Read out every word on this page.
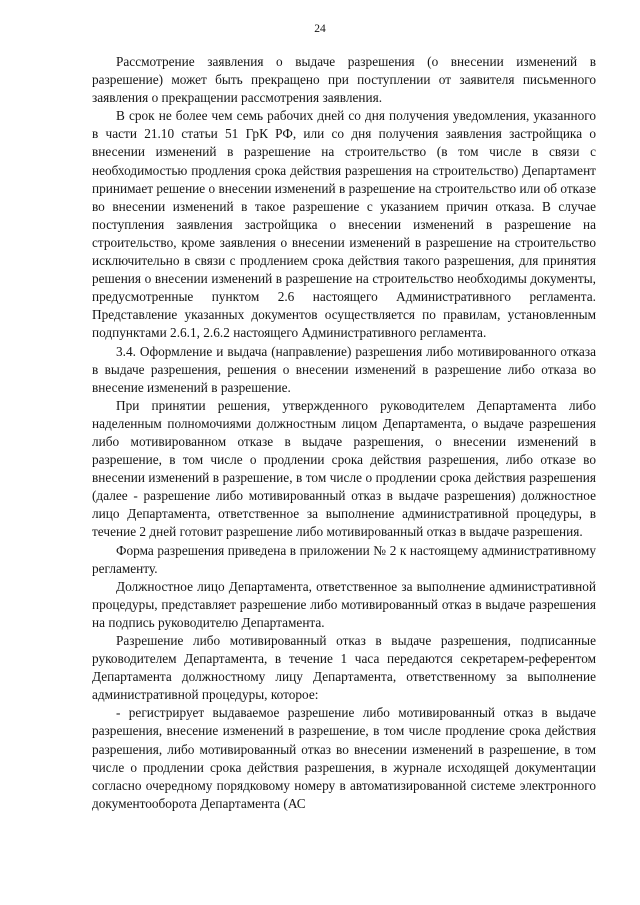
24

Рассмотрение заявления о выдаче разрешения (о внесении изменений в разрешение) может быть прекращено при поступлении от заявителя письменного заявления о прекращении рассмотрения заявления.

В срок не более чем семь рабочих дней со дня получения уведомления, указанного в части 21.10 статьи 51 ГрК РФ, или со дня получения заявления застройщика о внесении изменений в разрешение на строительство (в том числе в связи с необходимостью продления срока действия разрешения на строительство) Департамент принимает решение о внесении изменений в разрешение на строительство или об отказе во внесении изменений в такое разрешение с указанием причин отказа. В случае поступления заявления застройщика о внесении изменений в разрешение на строительство, кроме заявления о внесении изменений в разрешение на строительство исключительно в связи с продлением срока действия такого разрешения, для принятия решения о внесении изменений в разрешение на строительство необходимы документы, предусмотренные пунктом 2.6 настоящего Административного регламента. Представление указанных документов осуществляется по правилам, установленным подпунктами 2.6.1, 2.6.2 настоящего Административного регламента.

3.4. Оформление и выдача (направление) разрешения либо мотивированного отказа в выдаче разрешения, решения о внесении изменений в разрешение либо отказа во внесение изменений в разрешение.

При принятии решения, утвержденного руководителем Департамента либо наделенным полномочиями должностным лицом Департамента, о выдаче разрешения либо мотивированном отказе в выдаче разрешения, о внесении изменений в разрешение, в том числе о продлении срока действия разрешения, либо отказе во внесении изменений в разрешение, в том числе о продлении срока действия разрешения (далее - разрешение либо мотивированный отказ в выдаче разрешения) должностное лицо Департамента, ответственное за выполнение административной процедуры, в течение 2 дней готовит разрешение либо мотивированный отказ в выдаче разрешения.

Форма разрешения приведена в приложении № 2 к настоящему административному регламенту.

Должностное лицо Департамента, ответственное за выполнение административной процедуры, представляет разрешение либо мотивированный отказ в выдаче разрешения на подпись руководителю Департамента.

Разрешение либо мотивированный отказ в выдаче разрешения, подписанные руководителем Департамента, в течение 1 часа передаются секретарем-референтом Департамента должностному лицу Департамента, ответственному за выполнение административной процедуры, которое:

- регистрирует выдаваемое разрешение либо мотивированный отказ в выдаче разрешения, внесение изменений в разрешение, в том числе продление срока действия разрешения, либо мотивированный отказ во внесении изменений в разрешение, в том числе о продлении срока действия разрешения, в журнале исходящей документации согласно очередному порядковому номеру в автоматизированной системе электронного документооборота Департамента (АС
